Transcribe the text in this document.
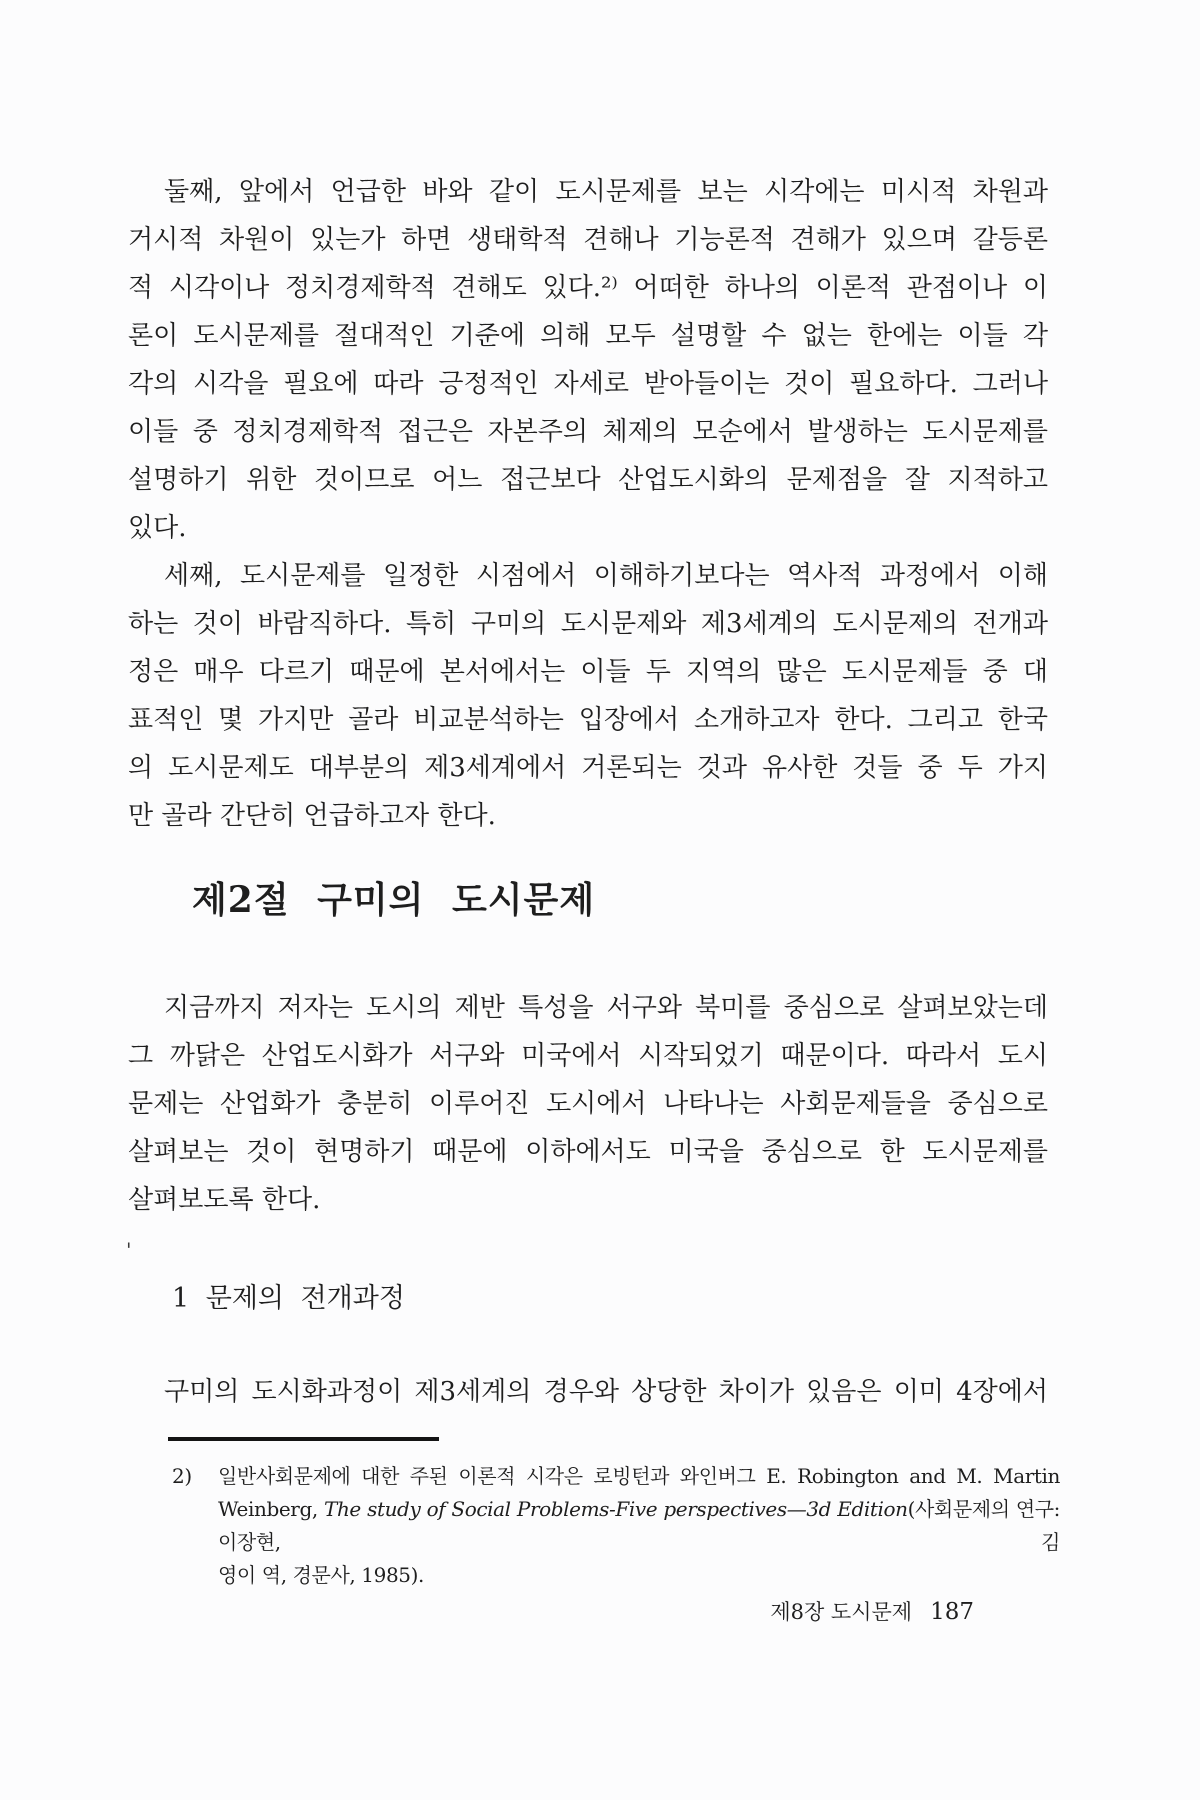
둘째, 앞에서 언급한 바와 같이 도시문제를 보는 시각에는 미시적 차원과
거시적 차원이 있는가 하면 생태학적 견해나 기능론적 견해가 있으며 갈등론
적 시각이나 정치경제학적 견해도 있다.²⁾ 어떠한 하나의 이론적 관점이나 이
론이 도시문제를 절대적인 기준에 의해 모두 설명할 수 없는 한에는 이들 각
각의 시각을 필요에 따라 긍정적인 자세로 받아들이는 것이 필요하다. 그러나
이들 중 정치경제학적 접근은 자본주의 체제의 모순에서 발생하는 도시문제를
설명하기 위한 것이므로 어느 접근보다 산업도시화의 문제점을 잘 지적하고
있다.
세째, 도시문제를 일정한 시점에서 이해하기보다는 역사적 과정에서 이해
하는 것이 바람직하다. 특히 구미의 도시문제와 제3세계의 도시문제의 전개과
정은 매우 다르기 때문에 본서에서는 이들 두 지역의 많은 도시문제들 중 대
표적인 몇 가지만 골라 비교분석하는 입장에서 소개하고자 한다. 그리고 한국
의 도시문제도 대부분의 제3세계에서 거론되는 것과 유사한 것들 중 두 가지
만 골라 간단히 언급하고자 한다.
제2절 구미의 도시문제
지금까지 저자는 도시의 제반 특성을 서구와 북미를 중심으로 살펴보았는데
그 까닭은 산업도시화가 서구와 미국에서 시작되었기 때문이다. 따라서 도시
문제는 산업화가 충분히 이루어진 도시에서 나타나는 사회문제들을 중심으로
살펴보는 것이 현명하기 때문에 이하에서도 미국을 중심으로 한 도시문제를
살펴보도록 한다.
1 문제의 전개과정
구미의 도시화과정이 제3세계의 경우와 상당한 차이가 있음은 이미 4장에서
'
2) 일반사회문제에 대한 주된 이론적 시각은 로빙턴과 와인버그 E. Robington and M. Martin
Weinberg, The study of Social Problems-Five perspectives—3d Edition(사회문제의 연구: 이장현, 김
영이 역, 경문사, 1985).
제8장 도시문제 187
